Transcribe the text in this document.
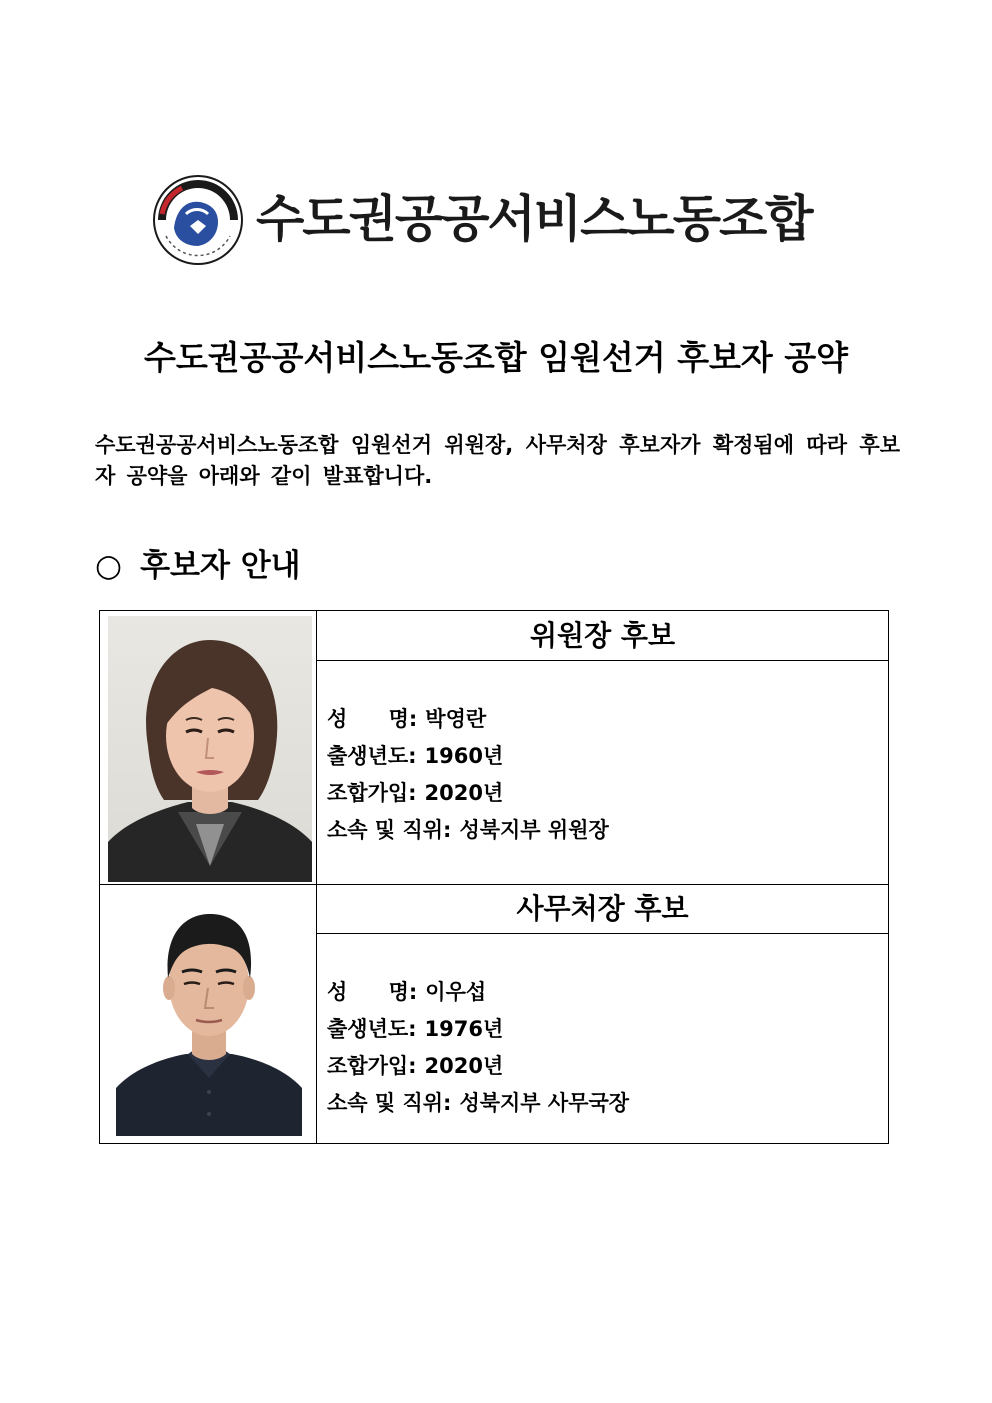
수도권공공서비스노동조합
수도권공공서비스노동조합 임원선거 후보자 공약
수도권공공서비스노동조합 임원선거 위원장, 사무처장 후보자가 확정됨에 따라 후보자 공약을 아래와 같이 발표합니다.
○ 후보자 안내
위원장 후보
성 명: 박영란
출생년도: 1960년
조합가입: 2020년
소속 및 직위: 성북지부 위원장
사무처장 후보
성 명: 이우섭
출생년도: 1976년
조합가입: 2020년
소속 및 직위: 성북지부 사무국장
